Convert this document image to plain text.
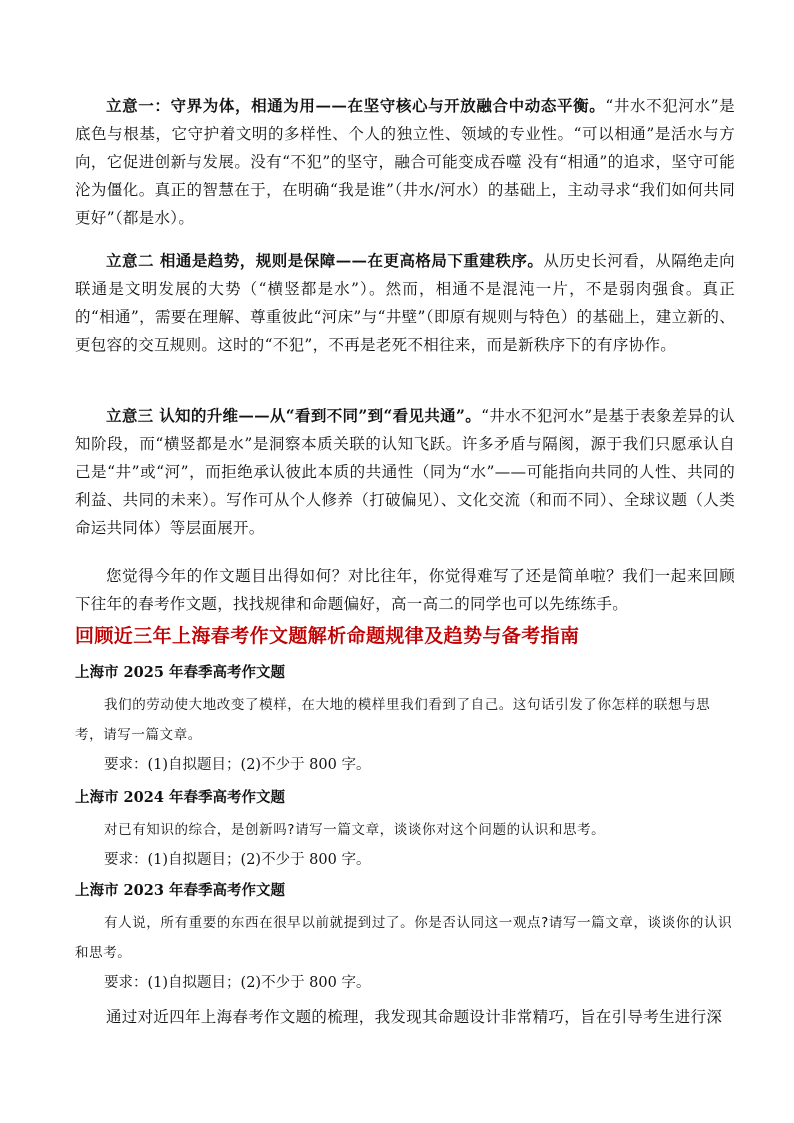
立意一：守界为体，相通为用——在坚守核心与开放融合中动态平衡。“井水不犯河水”是底色与根基，它守护着文明的多样性、个人的独立性、领域的专业性。“可以相通”是活水与方向，它促进创新与发展。没有“不犯”的坚守，融合可能变成吞噬 没有“相通”的追求，坚守可能沦为僵化。真正的智慧在于，在明确“我是谁”（井水/河水）的基础上，主动寻求“我们如何共同更好”（都是水）。

立意二 相通是趋势，规则是保障——在更高格局下重建秩序。从历史长河看，从隔绝走向联通是文明发展的大势（“横竖都是水”）。然而，相通不是混沌一片，不是弱肉强食。真正的“相通”，需要在理解、尊重彼此“河床”与“井壁”（即原有规则与特色）的基础上，建立新的、更包容的交互规则。这时的“不犯”，不再是老死不相往来，而是新秩序下的有序协作。

立意三 认知的升维——从“看到不同”到“看见共通”。“井水不犯河水”是基于表象差异的认知阶段，而“横竖都是水”是洞察本质关联的认知飞跃。许多矛盾与隔阂，源于我们只愿承认自己是“井”或“河”，而拒绝承认彼此本质的共通性（同为“水”——可能指向共同的人性、共同的利益、共同的未来）。写作可从个人修养（打破偏见）、文化交流（和而不同）、全球议题（人类命运共同体）等层面展开。

您觉得今年的作文题目出得如何？对比往年，你觉得难写了还是简单啦？我们一起来回顾下往年的春考作文题，找找规律和命题偏好，高一高二的同学也可以先练练手。

回顾近三年上海春考作文题解析命题规律及趋势与备考指南

上海市 2025 年春季高考作文题

我们的劳动使大地改变了模样，在大地的模样里我们看到了自己。这句话引发了你怎样的联想与思考，请写一篇文章。

要求：(1)自拟题目；(2)不少于 800 字。

上海市 2024 年春季高考作文题

对已有知识的综合，是创新吗?请写一篇文章，谈谈你对这个问题的认识和思考。

要求：(1)自拟题目；(2)不少于 800 字。

上海市 2023 年春季高考作文题

有人说，所有重要的东西在很早以前就提到过了。你是否认同这一观点?请写一篇文章，谈谈你的认识和思考。

要求：(1)自拟题目；(2)不少于 800 字。

通过对近四年上海春考作文题的梳理，我发现其命题设计非常精巧，旨在引导考生进行深
